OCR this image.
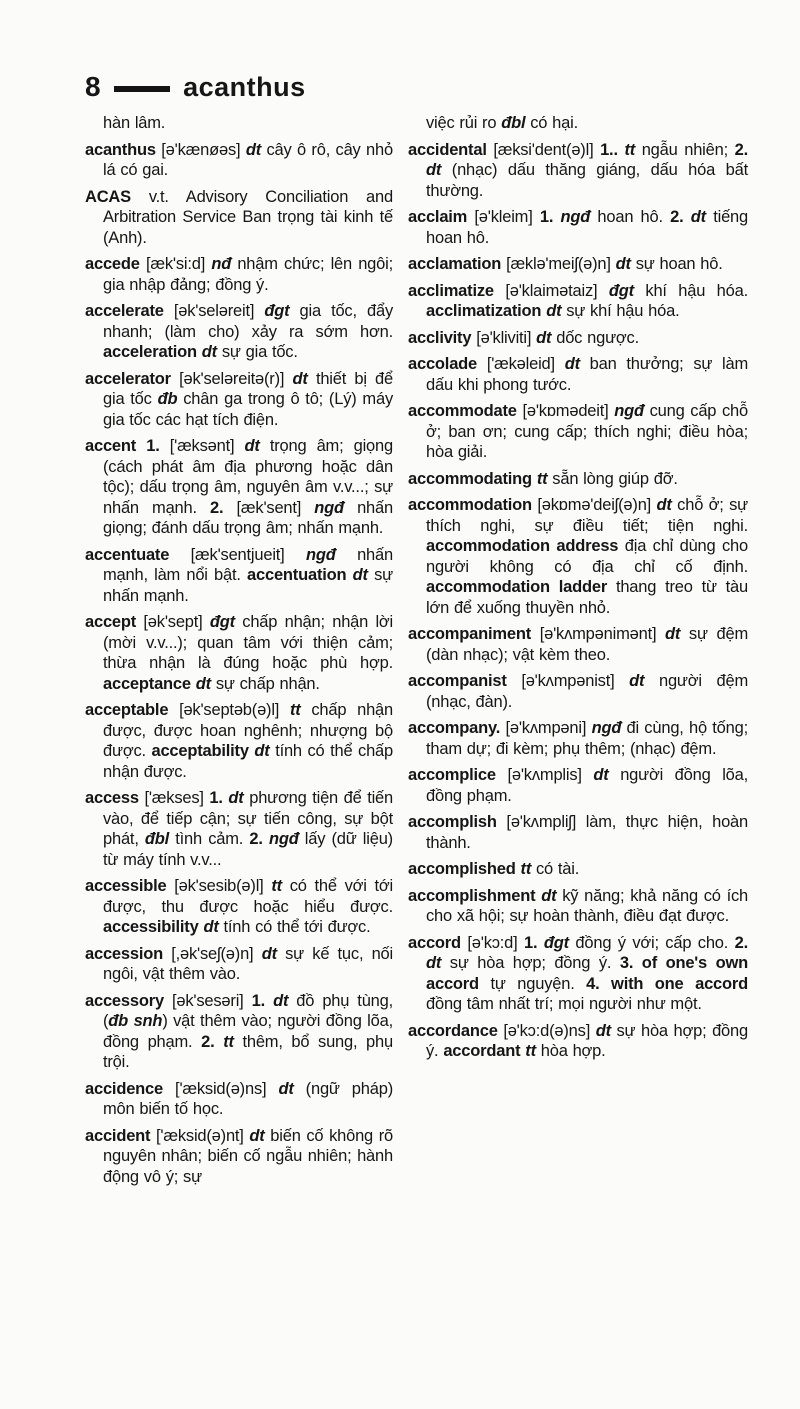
8	acanthus
hàn lâm.
acanthus [ə'kænøəs] dt cây ô rô, cây nhỏ lá có gai.
ACAS v.t. Advisory Conciliation and Arbitration Service Ban trọng tài kinh tế (Anh).
accede [æk'si:d] nđ nhậm chức; lên ngôi; gia nhập đảng; đồng ý.
accelerate [ək'seləreit] đgt gia tốc, đẩy nhanh; (làm cho) xảy ra sớm hơn. acceleration dt sự gia tốc.
accelerator [ək'seləreitə(r)] dt thiết bị để gia tốc đb chân ga trong ô tô; (Lý) máy gia tốc các hạt tích điện.
accent 1. ['æksənt] dt trọng âm; giọng (cách phát âm địa phương hoặc dân tộc); dấu trọng âm, nguyên âm v.v...; sự nhấn mạnh. 2. [æk'sent] ngđ nhấn giọng; đánh dấu trọng âm; nhấn mạnh.
accentuate [æk'sentjueit] ngđ nhấn mạnh, làm nổi bật. accentuation dt sự nhấn mạnh.
accept [ək'sept] đgt chấp nhận; nhận lời (mời v.v...); quan tâm với thiện cảm; thừa nhận là đúng hoặc phù hợp. acceptance dt sự chấp nhận.
acceptable [ək'septəb(ə)l] tt chấp nhận được, được hoan nghênh; nhượng bộ được. acceptability dt tính có thể chấp nhận được.
access ['ækses] 1. dt phương tiện để tiến vào, để tiếp cận; sự tiến công, sự bột phát, đbl tình cảm. 2. ngđ lấy (dữ liệu) từ máy tính v.v...
accessible [ək'sesib(ə)l] tt có thể với tới được, thu được hoặc hiểu được. accessibility dt tính có thể tới được.
accession [,ək'seʃ(ə)n] dt sự kế tục, nối ngôi, vật thêm vào.
accessory [ək'sesəri] 1. dt đồ phụ tùng, (đb snh) vật thêm vào; người đồng lõa, đồng phạm. 2. tt thêm, bổ sung, phụ trội.
accidence ['æksid(ə)ns] dt (ngữ pháp) môn biến tố học.
accident ['æksid(ə)nt] dt biến cố không rõ nguyên nhân; biến cố ngẫu nhiên; hành động vô ý; sự
việc rủi ro đbl có hại.
accidental [æksi'dent(ə)l] 1.. tt ngẫu nhiên; 2. dt (nhạc) dấu thăng giáng, dấu hóa bất thường.
acclaim [ə'kleim] 1. ngđ hoan hô. 2. dt tiếng hoan hô.
acclamation [æklə'meiʃ(ə)n] dt sự hoan hô.
acclimatize [ə'klaimətaiz] đgt khí hậu hóa. acclimatization dt sự khí hậu hóa.
acclivity [ə'kliviti] dt dốc ngược.
accolade ['ækəleid] dt ban thưởng; sự làm dấu khi phong tước.
accommodate [ə'kɒmədeit] ngđ cung cấp chỗ ở; ban ơn; cung cấp; thích nghi; điều hòa; hòa giải.
accommodating tt sẵn lòng giúp đỡ.
accommodation [əkɒmə'deiʃ(ə)n] dt chỗ ở; sự thích nghi, sự điều tiết; tiện nghi. accommodation address địa chỉ dùng cho người không có địa chỉ cố định. accommodation ladder thang treo từ tàu lớn để xuống thuyền nhỏ.
accompaniment [ə'kʌmpənimənt] dt sự đệm (dàn nhạc); vật kèm theo.
accompanist [ə'kʌmpənist] dt người đệm (nhạc, đàn).
accompany. [ə'kʌmpəni] ngđ đi cùng, hộ tống; tham dự; đi kèm; phụ thêm; (nhạc) đệm.
accomplice [ə'kʌmplis] dt người đồng lõa, đồng phạm.
accomplish [ə'kʌmpliʃ] làm, thực hiện, hoàn thành.
accomplished tt có tài.
accomplishment dt kỹ năng; khả năng có ích cho xã hội; sự hoàn thành, điều đạt được.
accord [ə'kɔ:d] 1. đgt đồng ý với; cấp cho. 2. dt sự hòa hợp; đồng ý. 3. of one's own accord tự nguyện. 4. with one accord đồng tâm nhất trí; mọi người như một.
accordance [ə'kɔ:d(ə)ns] dt sự hòa hợp; đồng ý. accordant tt hòa hợp.
